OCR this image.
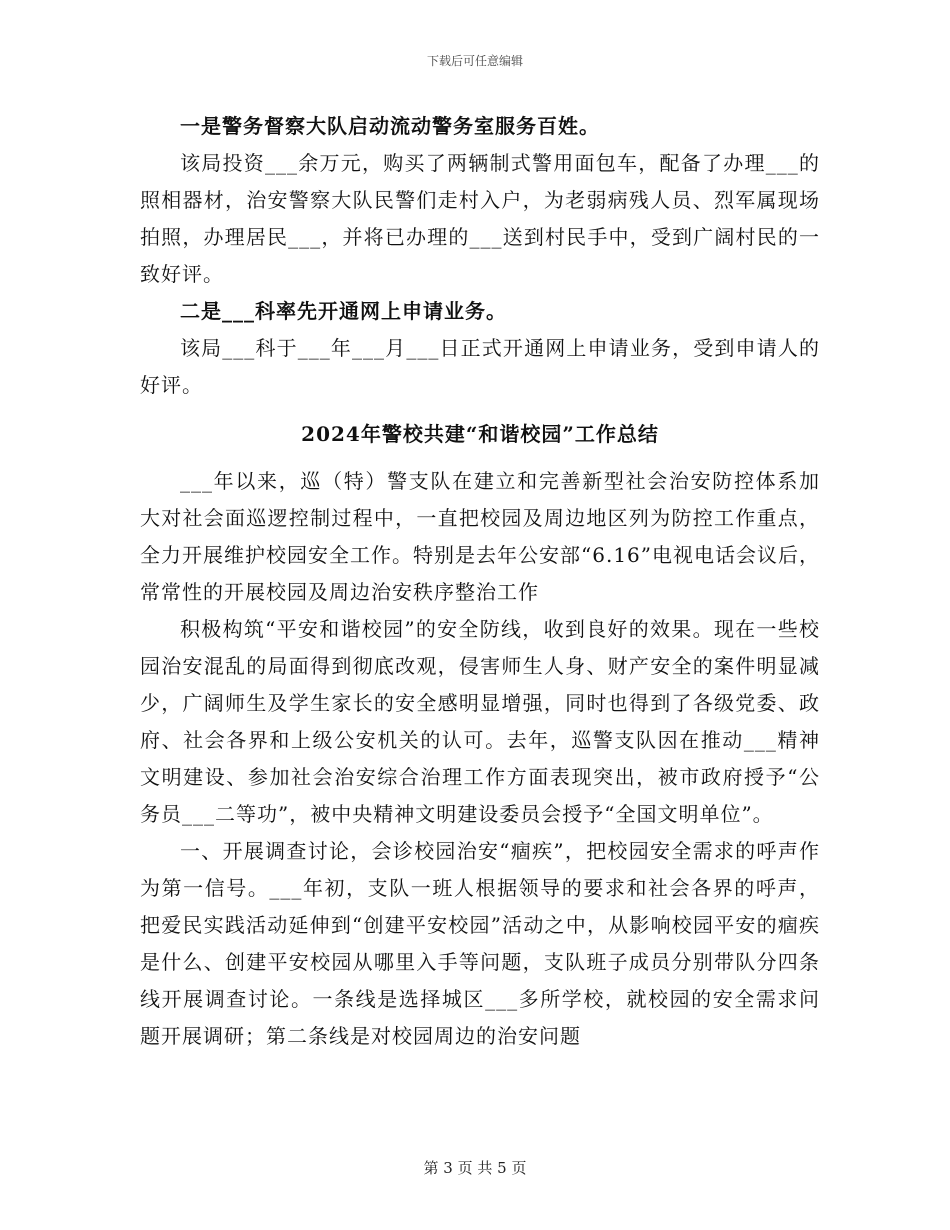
下载后可任意编辑

一是警务督察大队启动流动警务室服务百姓。

该局投资___余万元，购买了两辆制式警用面包车，配备了办理___的照相器材，治安警察大队民警们走村入户，为老弱病残人员、烈军属现场拍照，办理居民___，并将已办理的___送到村民手中，受到广阔村民的一致好评。

二是___科率先开通网上申请业务。

该局___科于___年___月___日正式开通网上申请业务，受到申请人的好评。

2024年警校共建“和谐校园”工作总结

___年以来，巡（特）警支队在建立和完善新型社会治安防控体系加大对社会面巡逻控制过程中，一直把校园及周边地区列为防控工作重点，全力开展维护校园安全工作。特别是去年公安部“6.16”电视电话会议后，常常性的开展校园及周边治安秩序整治工作

积极构筑“平安和谐校园”的安全防线，收到良好的效果。现在一些校园治安混乱的局面得到彻底改观，侵害师生人身、财产安全的案件明显减少，广阔师生及学生家长的安全感明显增强，同时也得到了各级党委、政府、社会各界和上级公安机关的认可。去年，巡警支队因在推动___精神文明建设、参加社会治安综合治理工作方面表现突出，被市政府授予“公务员___二等功”，被中央精神文明建设委员会授予“全国文明单位”。

一、开展调查讨论，会诊校园治安“痼疾”，把校园安全需求的呼声作为第一信号。___年初，支队一班人根据领导的要求和社会各界的呼声，把爱民实践活动延伸到“创建平安校园”活动之中，从影响校园平安的痼疾是什么、创建平安校园从哪里入手等问题，支队班子成员分别带队分四条线开展调查讨论。一条线是选择城区___多所学校，就校园的安全需求问题开展调研；第二条线是对校园周边的治安问题

第 3 页 共 5 页
